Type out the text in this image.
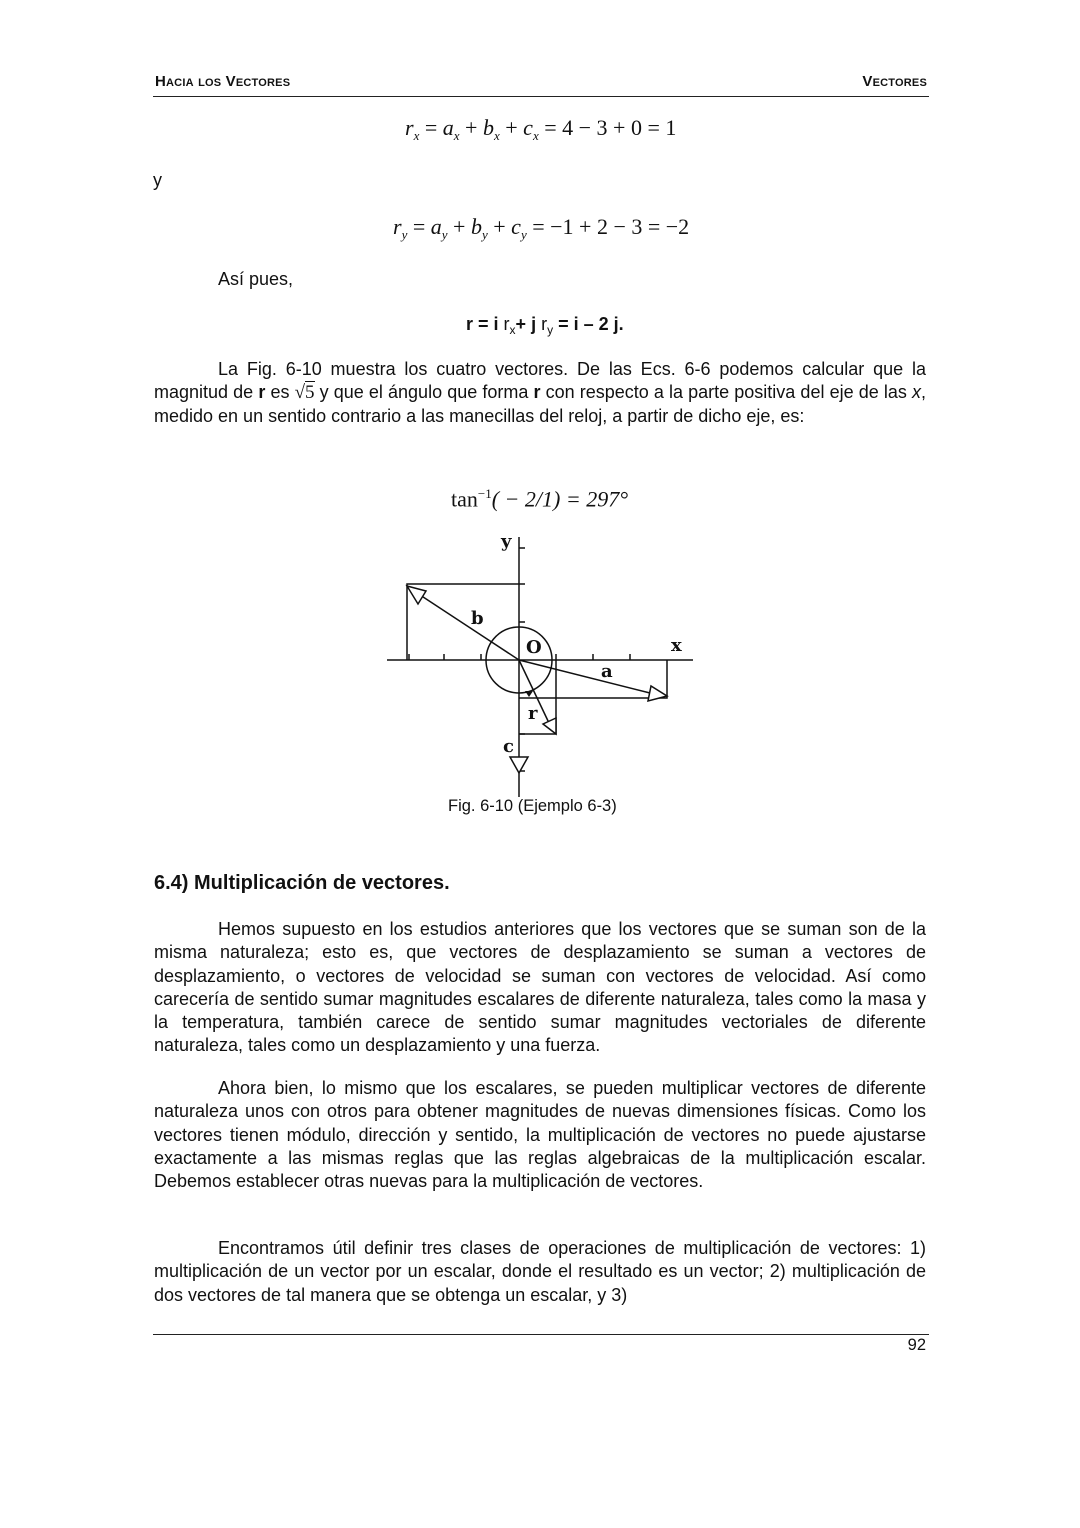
Hacia los Vectores	Vectores
$r_x = a_x + b_x + c_x = 4 - 3 + 0 = 1$
y
$r_y = a_y + b_y + c_y = -1 + 2 - 3 = -2$
Así pues,
r = i $r_x+ j$ $r_y = i - 2$ j.

La Fig. 6-10 muestra los cuatro vectores. De las Ecs. 6-6 podemos calcular que la magnitud de r es √5 y que el ángulo que forma r con respecto a la parte positiva del eje de las x, medido en un sentido contrario a las manecillas del reloj, a partir de dicho eje, es:

$\tan^{-1}( - 2/1) = 297^\circ$
y
x
O
a
b
c
r
Fig. 6-10 (Ejemplo 6-3)
6.4) Multiplicación de vectores.

Hemos supuesto en los estudios anteriores que los vectores que se suman son de la misma naturaleza; esto es, que vectores de desplazamiento se suman a vectores de desplazamiento, o vectores de velocidad se suman con vectores de velocidad. Así como carecería de sentido sumar magnitudes escalares de diferente naturaleza, tales como la masa y la temperatura, también carece de sentido sumar magnitudes vectoriales de diferente naturaleza, tales como un desplazamiento y una fuerza.

Ahora bien, lo mismo que los escalares, se pueden multiplicar vectores de diferente naturaleza unos con otros para obtener magnitudes de nuevas dimensiones físicas. Como los vectores tienen módulo, dirección y sentido, la multiplicación de vectores no puede ajustarse exactamente a las mismas reglas que las reglas algebraicas de la multiplicación escalar. Debemos establecer otras nuevas para la multiplicación de vectores.

Encontramos útil definir tres clases de operaciones de multiplicación de vectores: 1) multiplicación de un vector por un escalar, donde el resultado es un vector; 2) multiplicación de dos vectores de tal manera que se obtenga un escalar, y 3)

92
